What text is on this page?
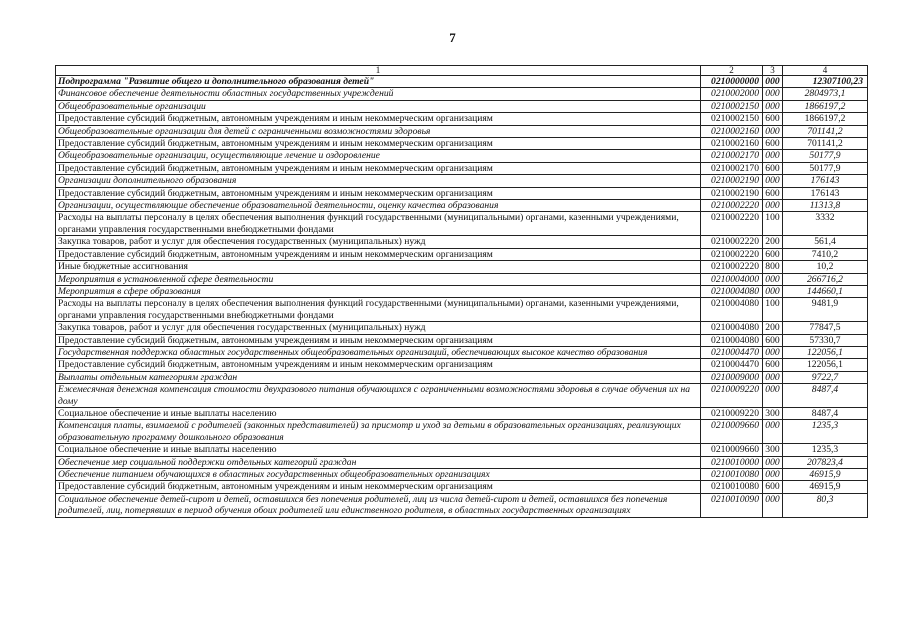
7
1	2	3	4
Подпрограмма "Развитие общего и дополнительного образования детей"	0210000000	000	12307100,23
Финансовое обеспечение деятельности областных государственных учреждений	0210002000	000	2804973,1
Общеобразовательные организации	0210002150	000	1866197,2
Предоставление субсидий бюджетным, автономным учреждениям и иным некоммерческим организациям	0210002150	600	1866197,2
Общеобразовательные организации для детей с ограниченными возможностями здоровья	0210002160	000	701141,2
Предоставление субсидий бюджетным, автономным учреждениям и иным некоммерческим организациям	0210002160	600	701141,2
Общеобразовательные организации, осуществляющие лечение и оздоровление	0210002170	000	50177,9
Предоставление субсидий бюджетным, автономным учреждениям и иным некоммерческим организациям	0210002170	600	50177,9
Организации дополнительного образования	0210002190	000	176143
Предоставление субсидий бюджетным, автономным учреждениям и иным некоммерческим организациям	0210002190	600	176143
Организации, осуществляющие обеспечение образовательной деятельности, оценку качества образования	0210002220	000	11313,8
Расходы на выплаты персоналу в целях обеспечения выполнения функций государственными (муниципальными) органами, казенными учреждениями, органами управления государственными внебюджетными фондами	0210002220	100	3332
Закупка товаров, работ и услуг для обеспечения государственных (муниципальных) нужд	0210002220	200	561,4
Предоставление субсидий бюджетным, автономным учреждениям и иным некоммерческим организациям	0210002220	600	7410,2
Иные бюджетные ассигнования	0210002220	800	10,2
Мероприятия в установленной сфере деятельности	0210004000	000	266716,2
Мероприятия в сфере образования	0210004080	000	144660,1
Расходы на выплаты персоналу в целях обеспечения выполнения функций государственными (муниципальными) органами, казенными учреждениями, органами управления государственными внебюджетными фондами	0210004080	100	9481,9
Закупка товаров, работ и услуг для обеспечения государственных (муниципальных) нужд	0210004080	200	77847,5
Предоставление субсидий бюджетным, автономным учреждениям и иным некоммерческим организациям	0210004080	600	57330,7
Государственная поддержка областных государственных общеобразовательных организаций, обеспечивающих высокое качество образования	0210004470	000	122056,1
Предоставление субсидий бюджетным, автономным учреждениям и иным некоммерческим организациям	0210004470	600	122056,1
Выплаты отдельным категориям граждан	0210009000	000	9722,7
Ежемесячная денежная компенсация стоимости двухразового питания обучающихся с ограниченными возможностями здоровья в случае обучения их на дому	0210009220	000	8487,4
Социальное обеспечение и иные выплаты населению	0210009220	300	8487,4
Компенсация платы, взимаемой с родителей (законных представителей) за присмотр и уход за детьми в образовательных организациях, реализующих образовательную программу дошкольного образования	0210009660	000	1235,3
Социальное обеспечение и иные выплаты населению	0210009660	300	1235,3
Обеспечение мер социальной поддержки отдельных категорий граждан	0210010000	000	207823,4
Обеспечение питанием обучающихся в областных государственных общеобразовательных организациях	0210010080	000	46915,9
Предоставление субсидий бюджетным, автономным учреждениям и иным некоммерческим организациям	0210010080	600	46915,9
Социальное обеспечение детей-сирот и детей, оставшихся без попечения родителей, лиц из числа детей-сирот и детей, оставшихся без попечения родителей, лиц, потерявших в период обучения обоих родителей или единственного родителя, в областных государственных организациях	0210010090	000	80,3
